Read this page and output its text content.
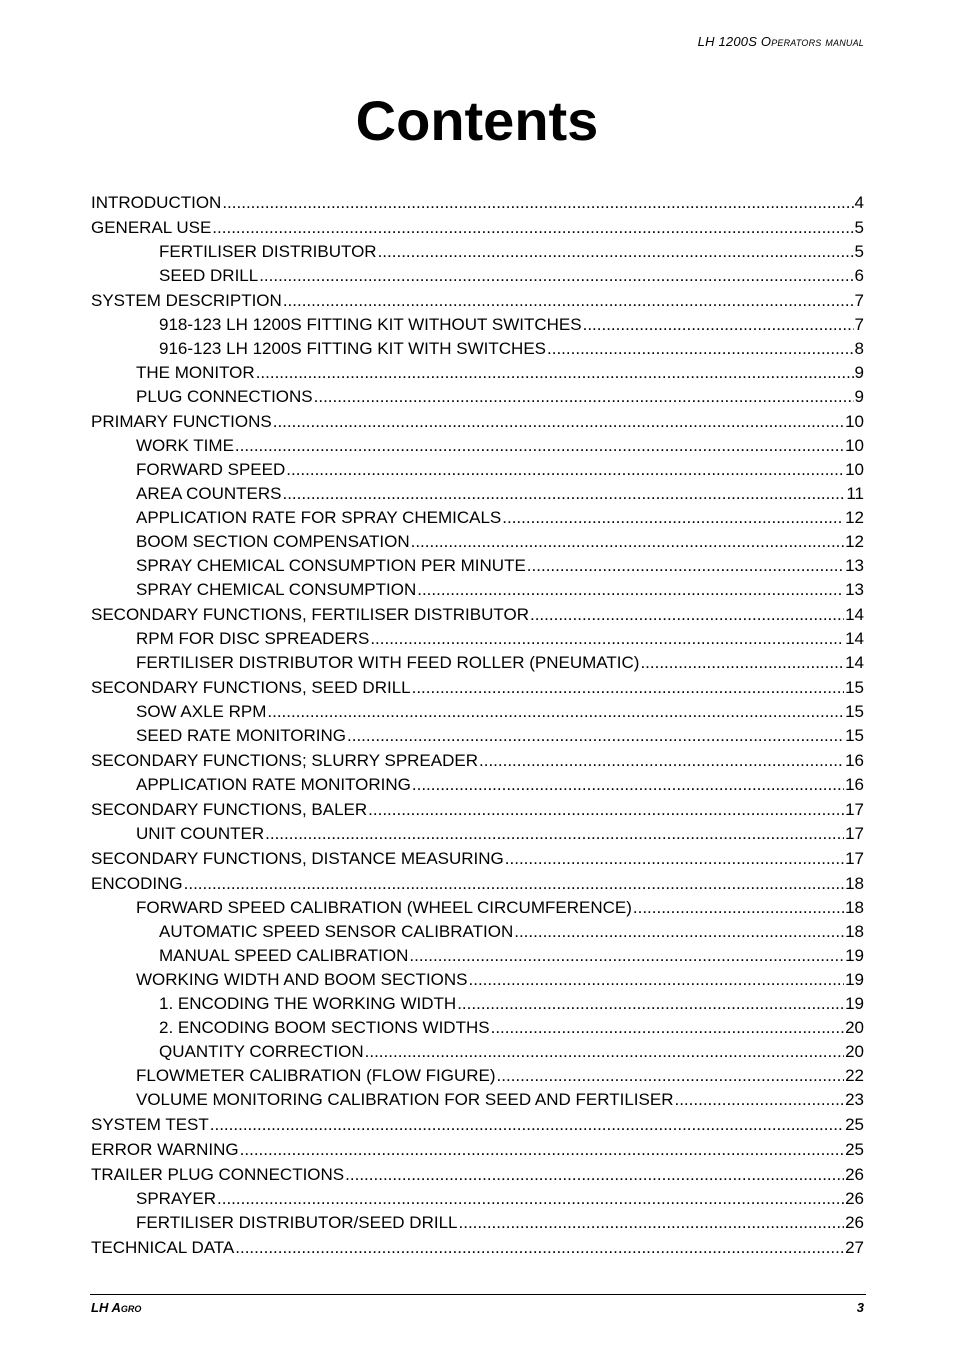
LH 1200S Operators manual
Contents
INTRODUCTION .....	4
GENERAL USE .....	5
FERTILISER DISTRIBUTOR .....	5
SEED DRILL .....	6
SYSTEM DESCRIPTION .....	7
918-123 LH 1200S FITTING KIT WITHOUT SWITCHES .....	7
916-123 LH 1200S FITTING KIT WITH SWITCHES .....	8
THE MONITOR .....	9
PLUG CONNECTIONS .....	9
PRIMARY FUNCTIONS .....	10
WORK TIME .....	10
FORWARD SPEED .....	10
AREA COUNTERS .....	11
APPLICATION RATE FOR SPRAY CHEMICALS .....	12
BOOM SECTION COMPENSATION .....	12
SPRAY CHEMICAL CONSUMPTION PER MINUTE .....	13
SPRAY CHEMICAL CONSUMPTION .....	13
SECONDARY FUNCTIONS, FERTILISER DISTRIBUTOR .....	14
RPM FOR DISC SPREADERS .....	14
FERTILISER DISTRIBUTOR WITH FEED ROLLER (PNEUMATIC) .....	14
SECONDARY FUNCTIONS, SEED DRILL .....	15
SOW AXLE RPM .....	15
SEED RATE MONITORING .....	15
SECONDARY FUNCTIONS; SLURRY SPREADER .....	16
APPLICATION RATE MONITORING .....	16
SECONDARY FUNCTIONS, BALER .....	17
UNIT COUNTER .....	17
SECONDARY FUNCTIONS, DISTANCE MEASURING .....	17
ENCODING .....	18
FORWARD SPEED CALIBRATION (WHEEL CIRCUMFERENCE) .....	18
AUTOMATIC SPEED SENSOR CALIBRATION .....	18
MANUAL SPEED CALIBRATION .....	19
WORKING WIDTH AND BOOM SECTIONS .....	19
1. ENCODING THE WORKING WIDTH .....	19
2. ENCODING BOOM SECTIONS WIDTHS .....	20
QUANTITY CORRECTION .....	20
FLOWMETER CALIBRATION (FLOW FIGURE) .....	22
VOLUME MONITORING CALIBRATION FOR SEED AND FERTILISER .....	23
SYSTEM TEST .....	25
ERROR WARNING .....	25
TRAILER PLUG CONNECTIONS .....	26
SPRAYER .....	26
FERTILISER DISTRIBUTOR/SEED DRILL .....	26
TECHNICAL DATA .....	27
LH Agro	3
